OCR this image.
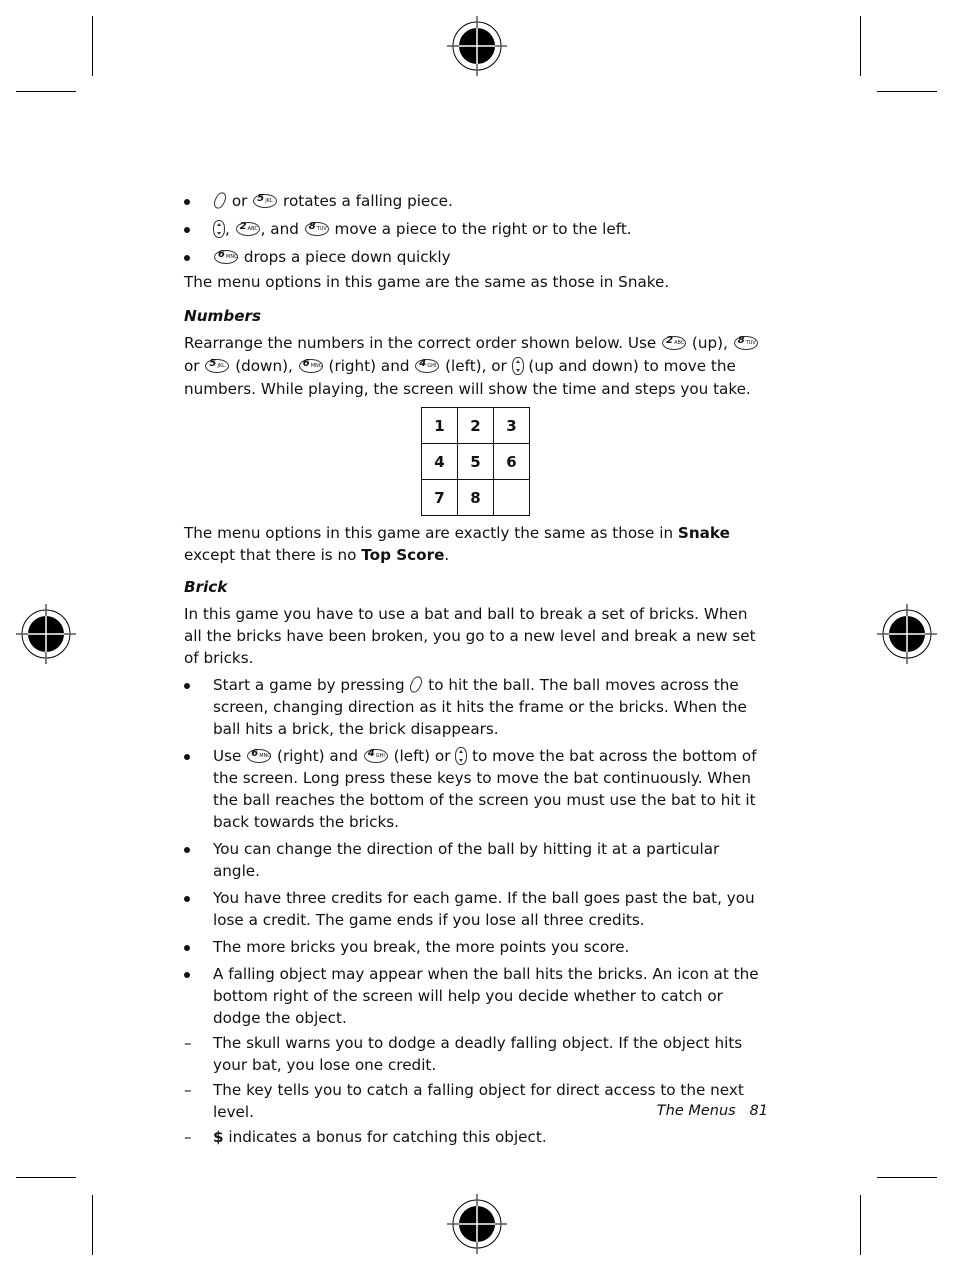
or 5 JKL rotates a falling piece.
, 2 ABC , and 8 TUV move a piece to the right or to the left.
6 MNO drops a piece down quickly

The menu options in this game are the same as those in Snake.

Numbers

Rearrange the numbers in the correct order shown below. Use 2 ABC (up), 8 TUV
or 5 JKL (down), 6 MNO (right) and 4 GHI (left), or  (up and down) to move the numbers. While playing, the screen will show the time and steps you take.

1	2	3
4	5	6
7	8	

The menu options in this game are exactly the same as those in Snake except that there is no Top Score.

Brick

In this game you have to use a bat and ball to break a set of bricks. When all the bricks have been broken, you go to a new level and break a new set of bricks.

Start a game by pressing  to hit the ball. The ball moves across the screen, changing direction as it hits the frame or the bricks. When the ball hits a brick, the brick disappears.
Use 6 MNO (right) and 4 GHI (left) or  to move the bat across the bottom of the screen. Long press these keys to move the bat continuously. When the ball reaches the bottom of the screen you must use the bat to hit it back towards the bricks.
You can change the direction of the ball by hitting it at a particular angle.
You have three credits for each game. If the ball goes past the bat, you lose a credit. The game ends if you lose all three credits.
The more bricks you break, the more points you score.
A falling object may appear when the ball hits the bricks. An icon at the bottom right of the screen will help you decide whether to catch or dodge the object.
–	The skull warns you to dodge a deadly falling object. If the object hits your bat, you lose one credit.
–	The key tells you to catch a falling object for direct access to the next level.
–	$ indicates a bonus for catching this object.
The Menus 81
